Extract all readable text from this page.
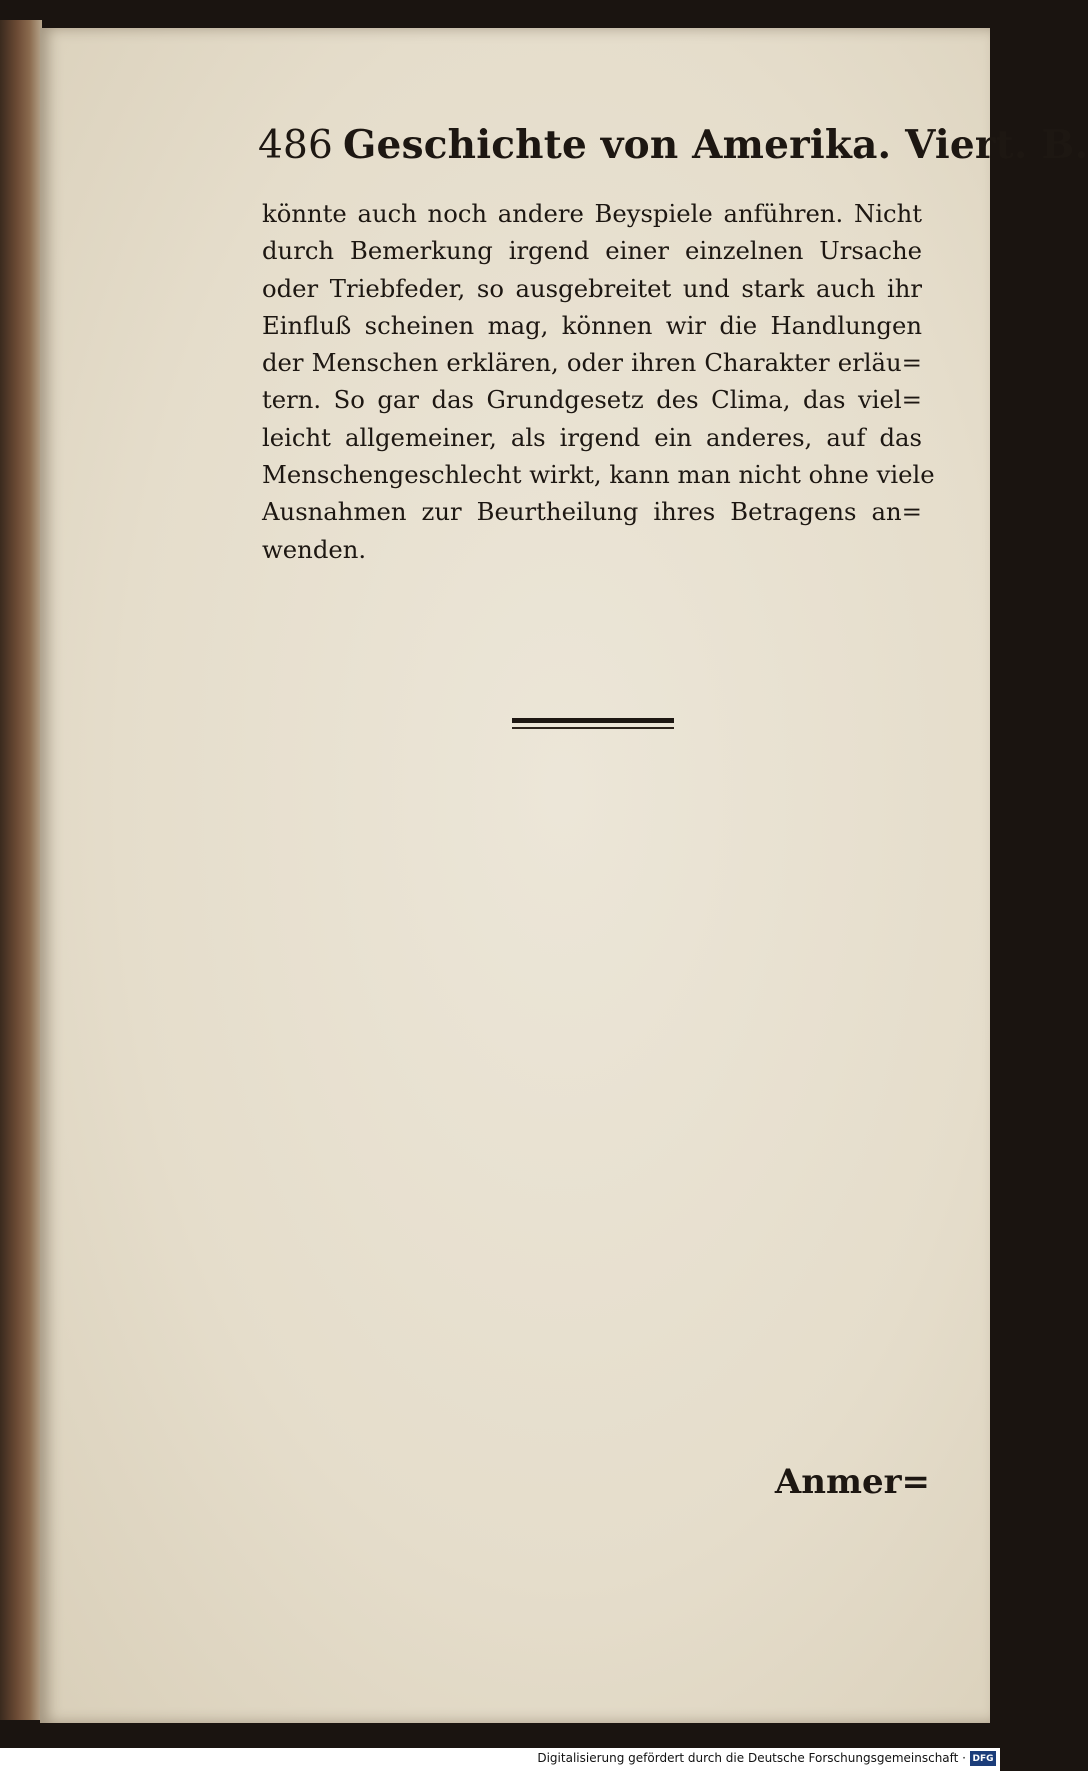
486 Geschichte von Amerika. Viert. B.
könnte auch noch andere Beyspiele anführen. Nicht
durch Bemerkung irgend einer einzelnen Ursache
oder Triebfeder, so ausgebreitet und stark auch ihr
Einfluß scheinen mag, können wir die Handlungen
der Menschen erklären, oder ihren Charakter erläu=
tern. So gar das Grundgesetz des Clima, das viel=
leicht allgemeiner, als irgend ein anderes, auf das
Menschengeschlecht wirkt, kann man nicht ohne viele
Ausnahmen zur Beurtheilung ihres Betragens an=
wenden.
Anmer=
Digitalisierung gefördert durch die Deutsche Forschungsgemeinschaft · DFG
